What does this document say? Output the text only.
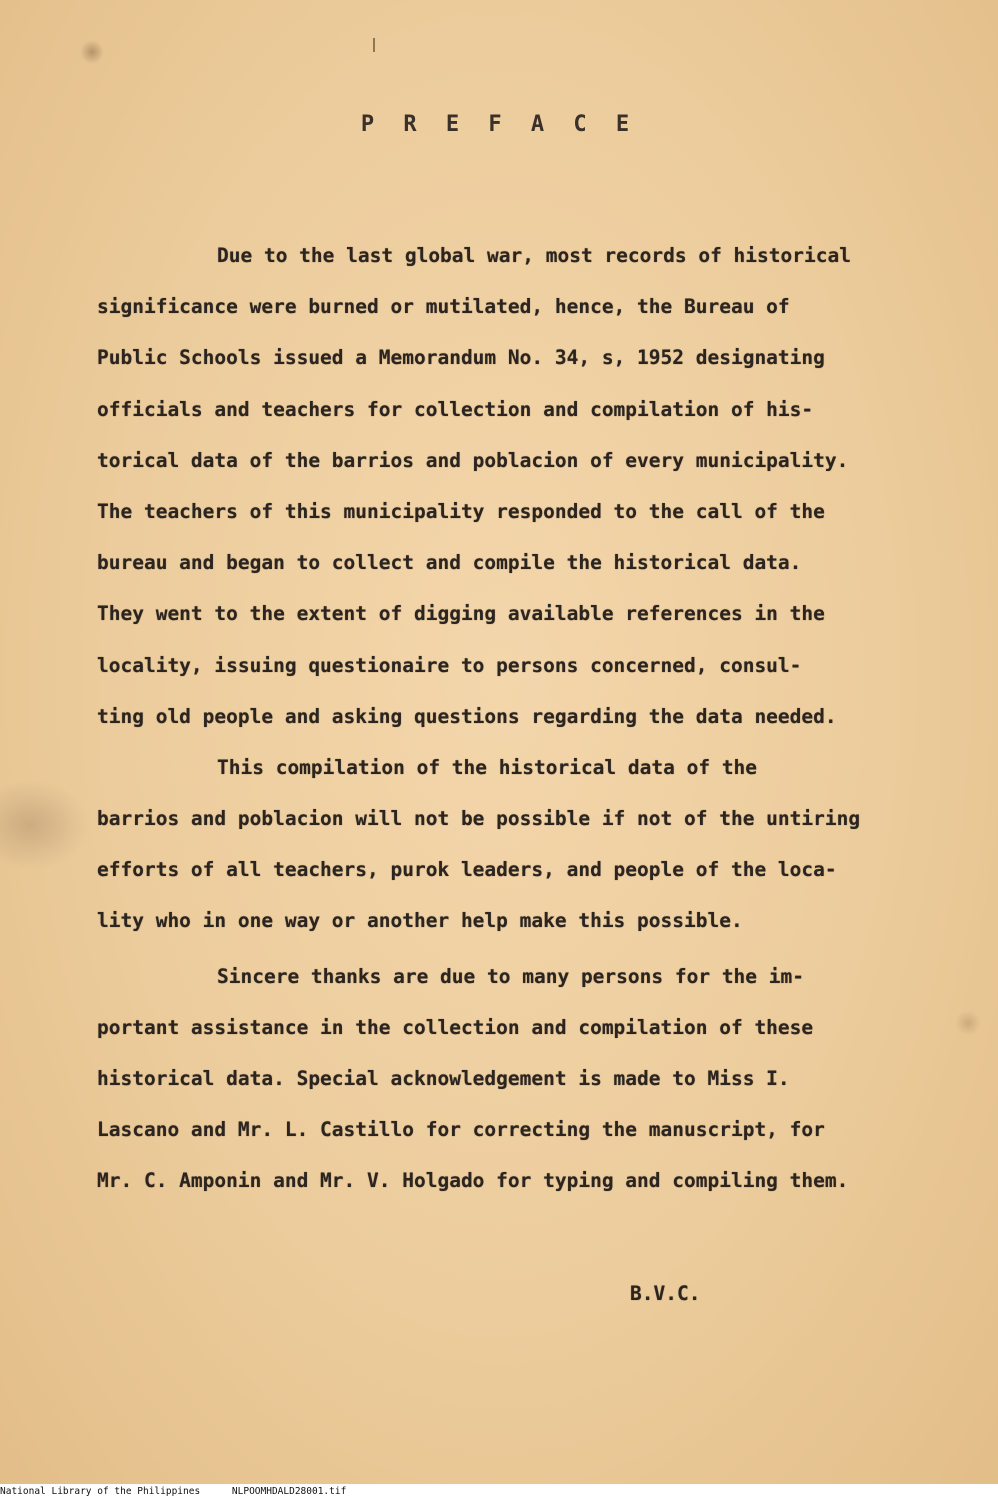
P R E F A C E
Due to the last global war, most records of historical
significance were burned or mutilated, hence, the Bureau of
Public Schools issued a Memorandum No. 34, s, 1952 designating
officials and teachers for collection and compilation of his-
torical data of the barrios and poblacion of every municipality.
The teachers of this municipality responded to the call of the
bureau and began to collect and compile the historical data.
They went to the extent of digging available references in the
locality, issuing questionaire to persons concerned, consul-
ting old people and asking questions regarding the data needed.
This compilation of the historical data of the
barrios and poblacion will not be possible if not of the untiring
efforts of all teachers, purok leaders, and people of the loca-
lity who in one way or another help make this possible.
Sincere thanks are due to many persons for the im-
portant assistance in the collection and compilation of these
historical data. Special acknowledgement is made to Miss I.
Lascano and Mr. L. Castillo for correcting the manuscript, for
Mr. C. Amponin and Mr. V. Holgado for typing and compiling them.
B.V.C.
National Library of the Philippines	NLPOOMHDALD28001.tif
